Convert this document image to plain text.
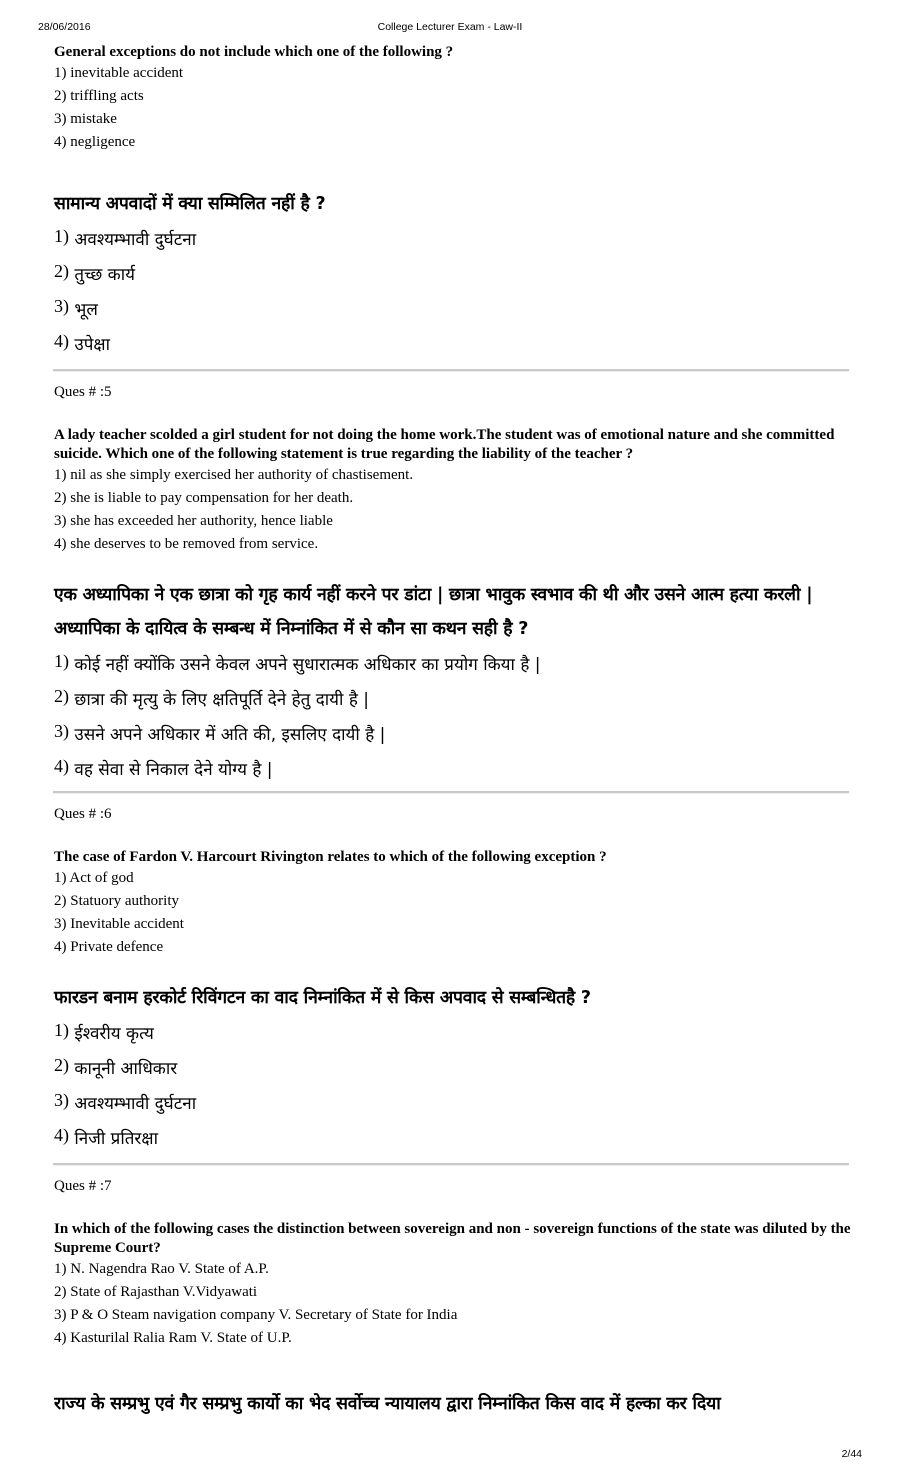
28/06/2016	College Lecturer Exam - Law-II

General exceptions do not include which one of the following ?

1) inevitable accident

2) triffling acts

3) mistake

4) negligence

सामान्य अपवादों में क्या सम्मिलित नहीं है ?

1) अवश्यम्भावी दुर्घटना

2) तुच्छ कार्य

3) भूल

4) उपेक्षा

Ques # :5

A lady teacher scolded a girl student for not doing the home work.The student was of emotional nature and she committed suicide. Which one of the following statement is true regarding the liability of the teacher ?

1) nil as she simply exercised her authority of chastisement.

2) she is liable to pay compensation for her death.

3) she has exceeded her authority, hence liable

4) she deserves to be removed from service.

एक अध्यापिका ने एक छात्रा को गृह कार्य नहीं करने पर डांटा | छात्रा भावुक स्वभाव की थी और उसने आत्म हत्या करली |अध्यापिका के दायित्व के सम्बन्ध में निम्नांकित में से कौन सा कथन सही है ?

1) कोई नहीं क्योंकि उसने केवल अपने सुधारात्मक अधिकार का प्रयोग किया है |

2) छात्रा की मृत्यु के लिए क्षतिपूर्ति देने हेतु दायी है |

3) उसने अपने अधिकार में अति की, इसलिए दायी है |

4) वह सेवा से निकाल देने योग्य है |

Ques # :6

The case of Fardon V. Harcourt Rivington relates to which of the following exception ?

1) Act of god

2) Statuory authority

3) Inevitable accident

4) Private defence

फारडन बनाम हरकोर्ट रिविंगटन का वाद निम्नांकित में से किस अपवाद से सम्बन्धितहै ?

1) ईश्वरीय कृत्य

2) कानूनी आधिकार

3) अवश्यम्भावी दुर्घटना

4) निजी प्रतिरक्षा

Ques # :7

In which of the following cases the distinction between sovereign and non - sovereign functions of the state was diluted by the Supreme Court?

1) N. Nagendra Rao V. State of A.P.

2) State of Rajasthan V.Vidyawati

3) P & O Steam navigation company V. Secretary of State for India

4) Kasturilal Ralia Ram V. State of U.P.

राज्य के सम्प्रभु एवं गैर सम्प्रभु कार्यो का भेद सर्वोच्च न्यायालय द्वारा निम्नांकित किस वाद में हल्का कर दिया

2/44
